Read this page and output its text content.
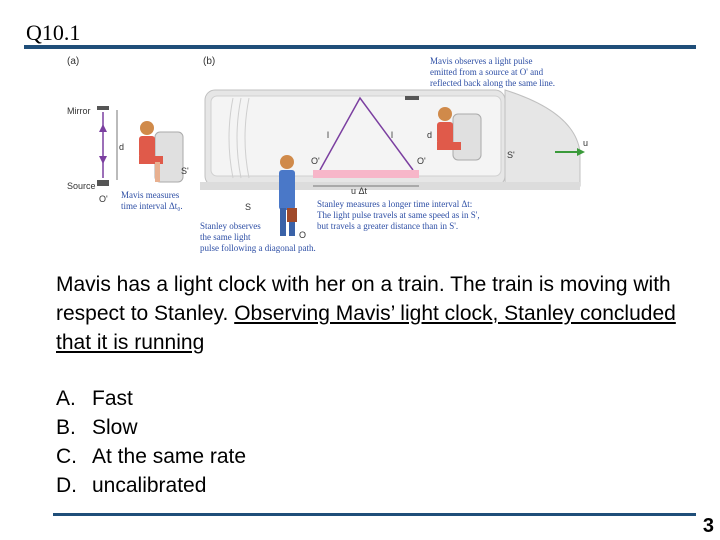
Q10.1
(a)	(b)
Mirror
d
Source
O'
S'
Mavis measures
time interval Δt₀.
l	l
O'	O'
d
u Δt
S'
u
S
O
Mavis observes a light pulse
emitted from a source at O' and
reflected back along the same line.
Stanley measures a longer time interval Δt:
The light pulse travels at same speed as in S',
but travels a greater distance than in S'.
Stanley observes
the same light
pulse following a diagonal path.
Mavis has a light clock with her on a train. The train is moving with respect to Stanley. Observing Mavis’ light clock, Stanley concluded that it is running
A. Fast
B. Slow
C. At the same rate
D. uncalibrated
3
